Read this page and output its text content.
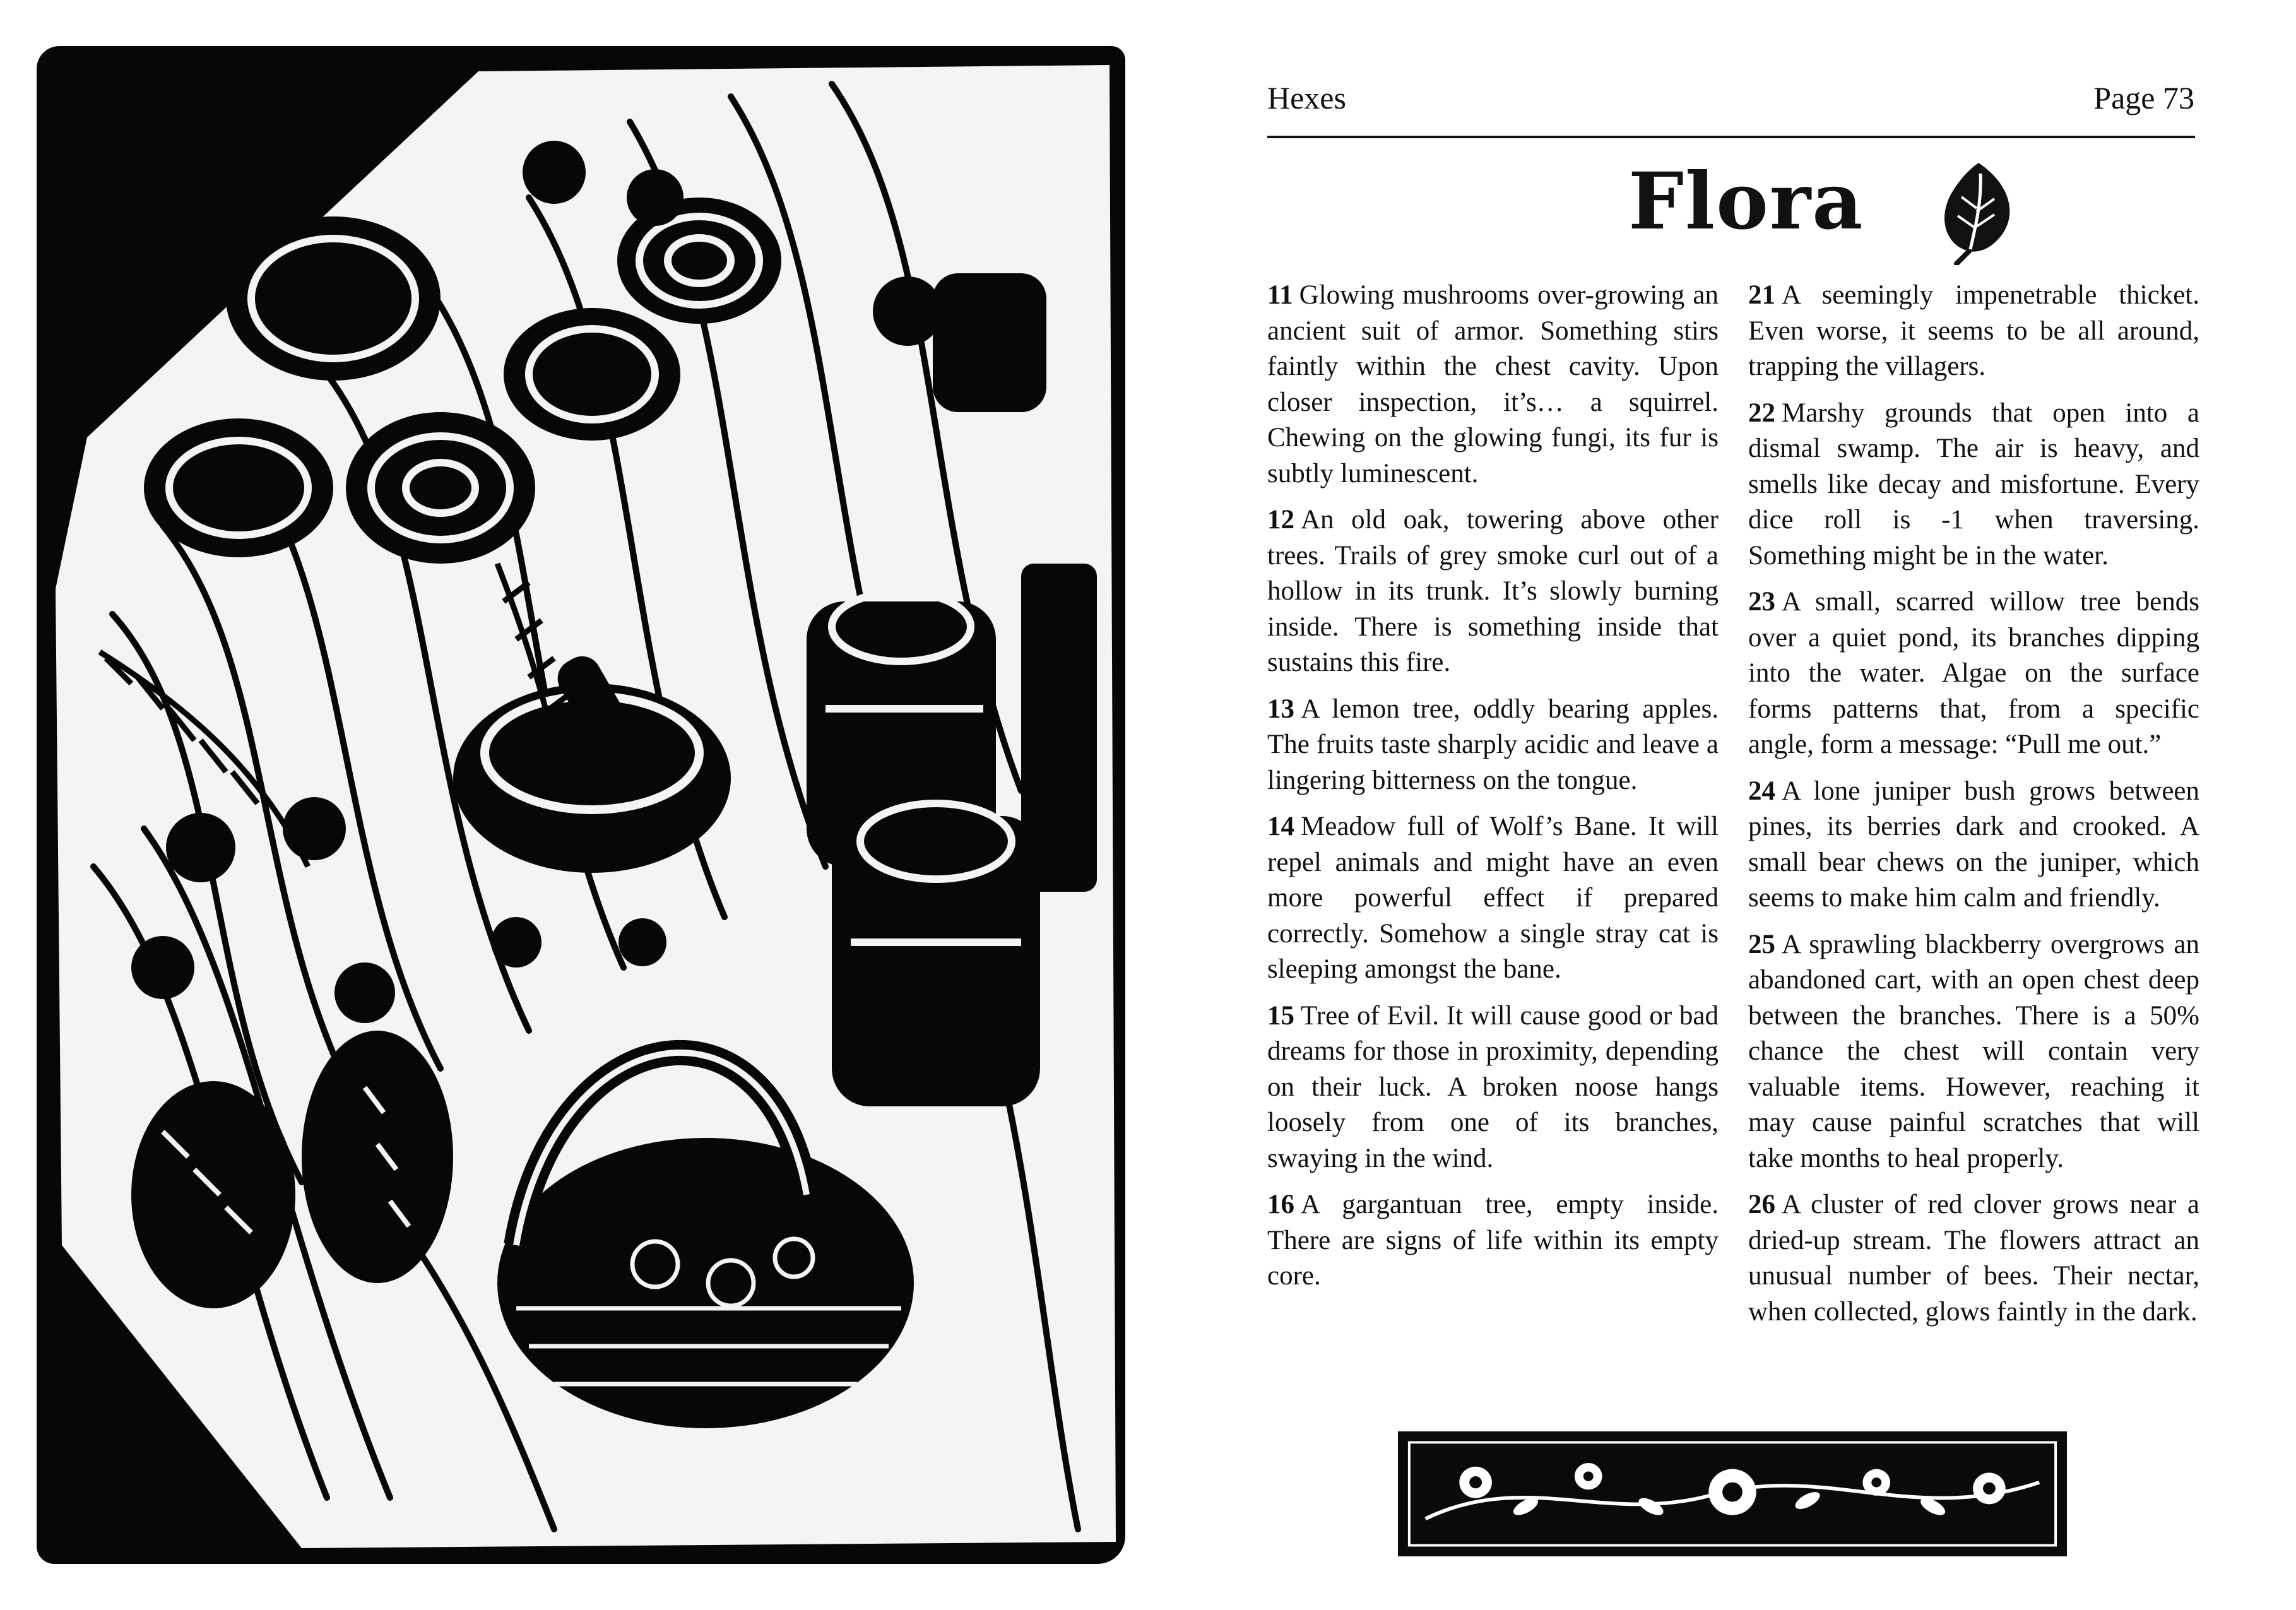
Hexes	Page 73
Flora

11 Glowing mushrooms over-growing an ancient suit of armor. Something stirs faintly within the chest cavity. Upon closer inspection, it’s… a squirrel. Chewing on the glowing fungi, its fur is subtly luminescent.

12 An old oak, towering above other trees. Trails of grey smoke curl out of a hollow in its trunk. It’s slowly burning inside. There is something inside that sustains this fire.

13 A lemon tree, oddly bearing apples. The fruits taste sharply acidic and leave a lingering bitterness on the tongue.

14 Meadow full of Wolf’s Bane. It will repel animals and might have an even more powerful effect if prepared correctly. Somehow a single stray cat is sleeping amongst the bane.

15 Tree of Evil. It will cause good or bad dreams for those in proximity, depending on their luck. A broken noose hangs loosely from one of its branches, swaying in the wind.

16 A gargantuan tree, empty inside. There are signs of life within its empty core.

21 A seemingly impenetrable thicket. Even worse, it seems to be all around, trapping the villagers.

22 Marshy grounds that open into a dismal swamp. The air is heavy, and smells like decay and misfortune. Every dice roll is -1 when traversing. Something might be in the water.

23 A small, scarred willow tree bends over a quiet pond, its branches dipping into the water. Algae on the surface forms patterns that, from a specific angle, form a message: “Pull me out.”

24 A lone juniper bush grows between pines, its berries dark and crooked. A small bear chews on the juniper, which seems to make him calm and friendly.

25 A sprawling blackberry overgrows an abandoned cart, with an open chest deep between the branches. There is a 50% chance the chest will contain very valuable items. However, reaching it may cause painful scratches that will take months to heal properly.

26 A cluster of red clover grows near a dried-up stream. The flowers attract an unusual number of bees. Their nectar, when collected, glows faintly in the dark.
